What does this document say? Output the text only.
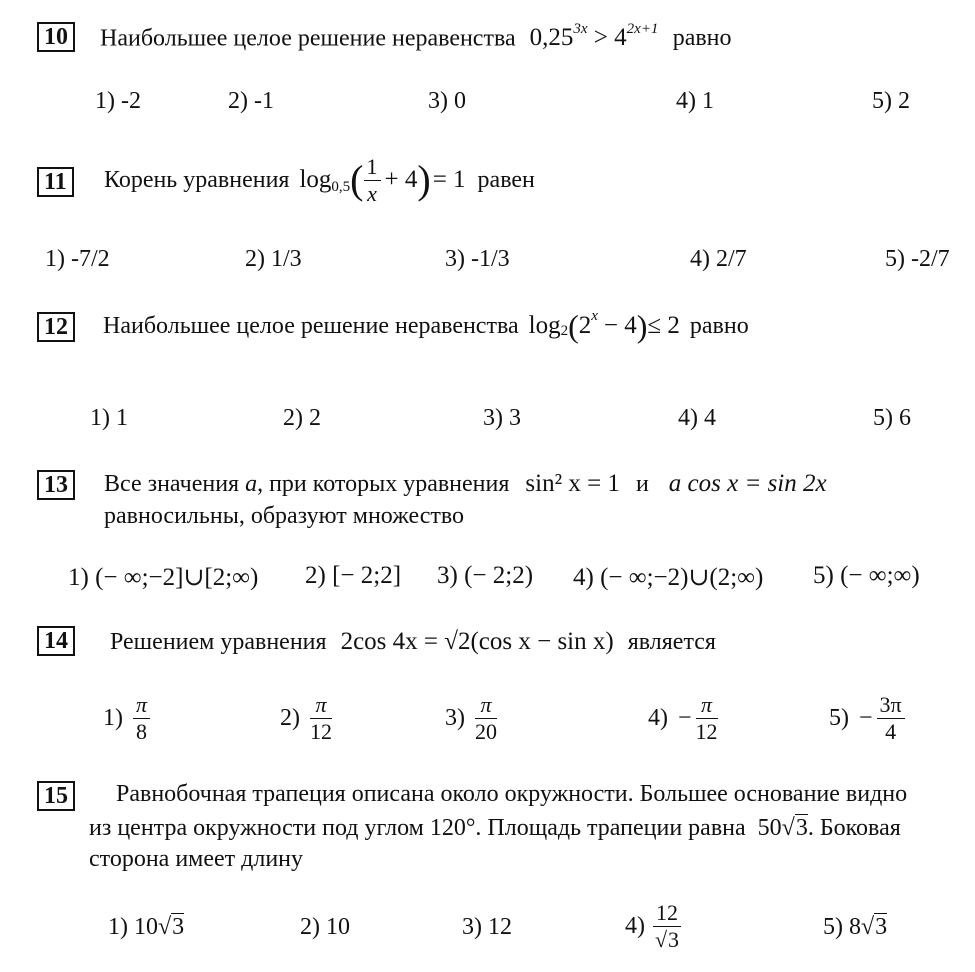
10 Наибольшее целое решение неравенства $0,25^{3x} > 4^{2x+1}$ равно
1) -2	2) -1	3) 0	4) 1	5) 2
11 Корень уравнения $\log_{0,5}$ ( $\frac{1}{x} + 4$ ) = 1 равен
1) -7/2	2) 1/3	3) -1/3	4) 2/7	5) -2/7
12 Наибольшее целое решение неравенства $\log_2$ ( $2^x - 4$ ) ≤ 2 равно
1) 1	2) 2	3) 3	4) 4	5) 6
13 Все значения a, при которых уравнения sin² x = 1 и a cos x = sin 2x
равносильны, образуют множество
1) (− ∞;−2]∪[2;∞) 2) [− 2;2] 3) (− 2;2) 4) (− ∞;−2)∪(2;∞) 5) (− ∞;∞)
14 Решением уравнения 2cos 4x = √2(cos x − sin x) является
$1) \frac{\pi}{8}$	$2) \frac{\pi}{12}$	$3) \frac{\pi}{20}$	$4) - \frac{\pi}{12}$	$5) - \frac{3\pi}{4}$
15 Равнобочная трапеция описана около окружности. Большее основание видно
из центра окружности под углом 120°. Площадь трапеции равна 50√3. Боковая
сторона имеет длину
1) 10√3	2) 10	3) 12	$4) \frac{12}{√3}$	5) 8√3
